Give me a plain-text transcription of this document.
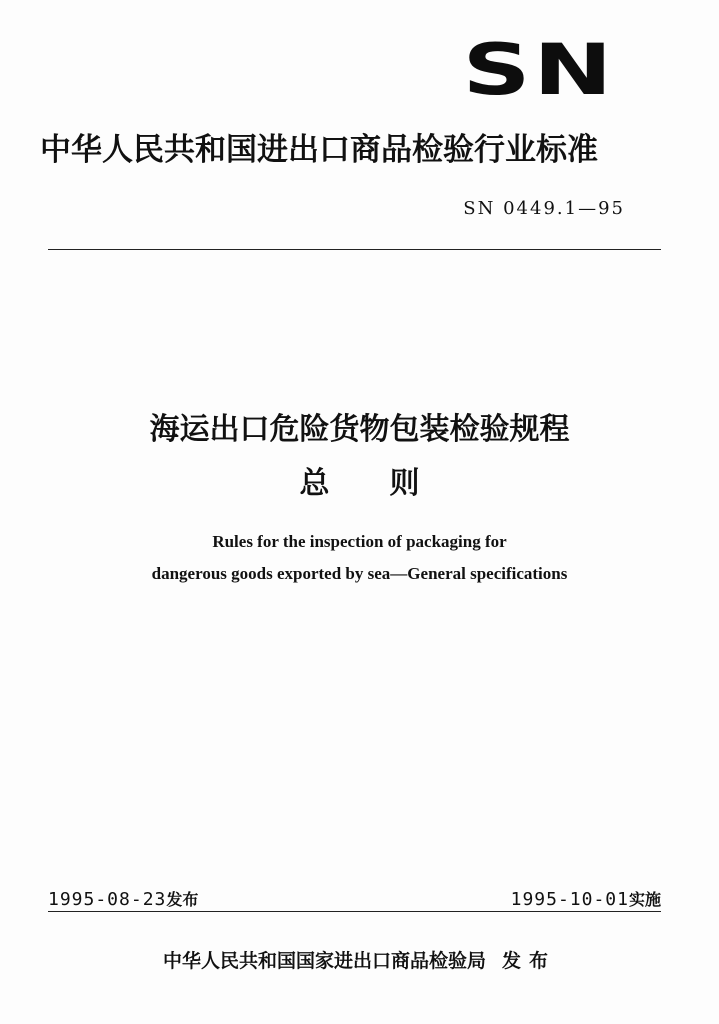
SN
中华人民共和国进出口商品检验行业标准
SN 0449.1—95
海运出口危险货物包装检验规程
总则
Rules for the inspection of packaging for
dangerous goods exported by sea—General specifications
1995-08-23发布	1995-10-01实施
中华人民共和国国家进出口商品检验局 发布
